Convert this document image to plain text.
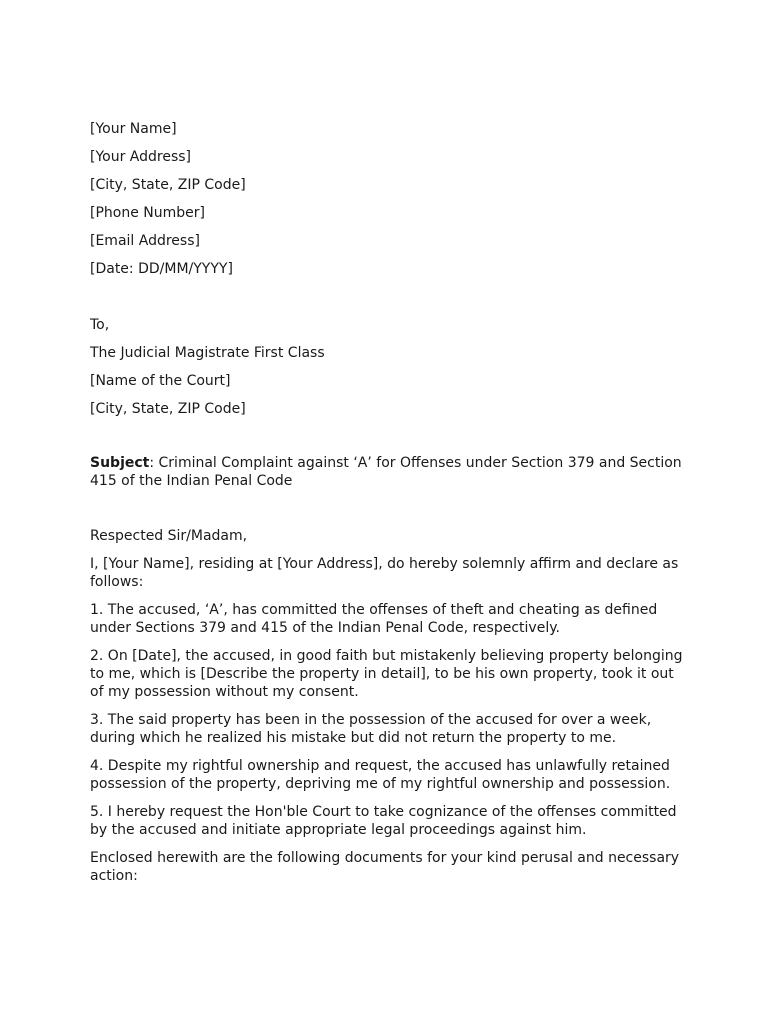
[Your Name]
[Your Address]
[City, State, ZIP Code]
[Phone Number]
[Email Address]
[Date: DD/MM/YYYY]
To,
The Judicial Magistrate First Class
[Name of the Court]
[City, State, ZIP Code]
Subject: Criminal Complaint against ‘A’ for Offenses under Section 379 and Section 415 of the Indian Penal Code
Respected Sir/Madam,
I, [Your Name], residing at [Your Address], do hereby solemnly affirm and declare as follows:
1. The accused, ‘A’, has committed the offenses of theft and cheating as defined under Sections 379 and 415 of the Indian Penal Code, respectively.
2. On [Date], the accused, in good faith but mistakenly believing property belonging to me, which is [Describe the property in detail], to be his own property, took it out of my possession without my consent.
3. The said property has been in the possession of the accused for over a week, during which he realized his mistake but did not return the property to me.
4. Despite my rightful ownership and request, the accused has unlawfully retained possession of the property, depriving me of my rightful ownership and possession.
5. I hereby request the Hon'ble Court to take cognizance of the offenses committed by the accused and initiate appropriate legal proceedings against him.
Enclosed herewith are the following documents for your kind perusal and necessary action:
